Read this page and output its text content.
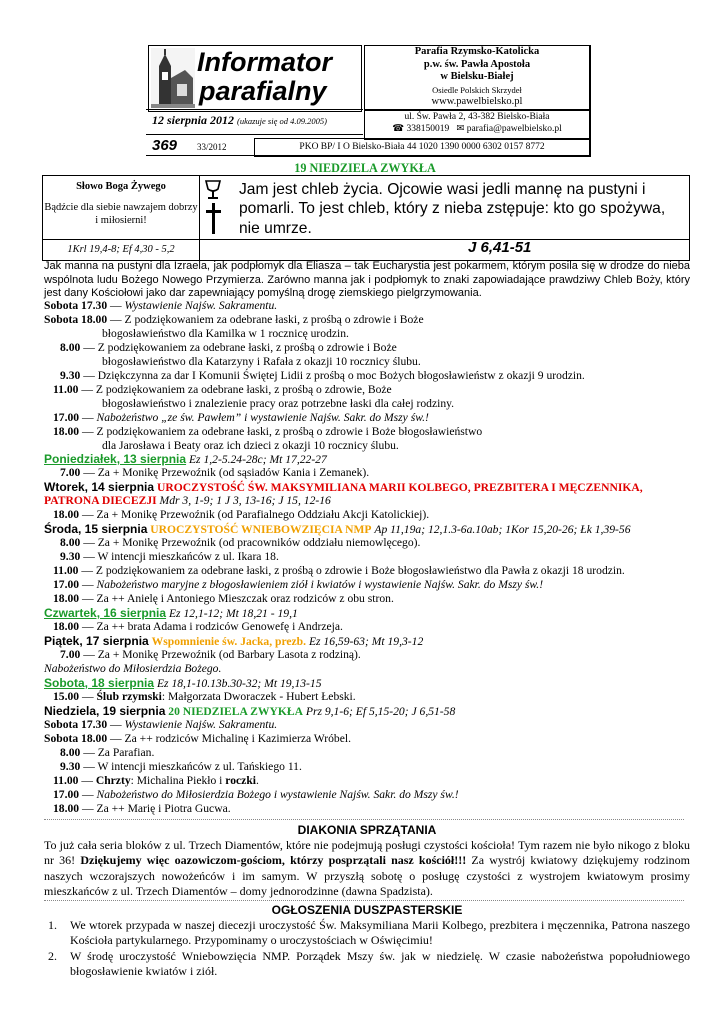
Informator
parafialny
12 sierpnia 2012 (ukazuje się od 4.09.2005)
369 33/2012
Parafia Rzymsko-Katolicka
p.w. św. Pawła Apostoła
w Bielsku-Białej
Osiedle Polskich Skrzydeł
www.pawelbielsko.pl
ul. Św. Pawła 2, 43-382 Bielsko-Biała
☎ 338150019 ✉ parafia@pawelbielsko.pl
PKO BP/ I O Bielsko-Biała 44 1020 1390 0000 6302 0157 8772
19 NIEDZIELA ZWYKŁA
Słowo Boga Żywego
Bądźcie dla siebie nawzajem dobrzy i miłosierni!
Jam jest chleb życia. Ojcowie wasi jedli mannę na pustyni i pomarli. To jest chleb, który z nieba zstępuje: kto go spożywa, nie umrze.
1Krl 19,4-8; Ef 4,30 - 5,2	J 6,41-51
Jak manna na pustyni dla Izraela, jak podpłomyk dla Eliasza – tak Eucharystia jest pokarmem, którym posila się w drodze do nieba wspólnota ludu Bożego Nowego Przymierza. Zarówno manna jak i podpłomyk to znaki zapowiadające prawdziwy Chleb Boży, który jest dany Kościołowi jako dar zapewniający pomyślną drogę ziemskiego pielgrzymowania.
Sobota 17.30 — Wystawienie Najśw. Sakramentu.
Sobota 18.00 — Z podziękowaniem za odebrane łaski, z prośbą o zdrowie i Boże
błogosławieństwo dla Kamilka w 1 rocznicę urodzin.
8.00 — Z podziękowaniem za odebrane łaski, z prośbą o zdrowie i Boże
błogosławieństwo dla Katarzyny i Rafała z okazji 10 rocznicy ślubu.
9.30 — Dziękczynna za dar I Komunii Świętej Lidii z prośbą o moc Bożych błogosławieństw z okazji 9 urodzin.
11.00 — Z podziękowaniem za odebrane łaski, z prośbą o zdrowie, Boże
błogosławieństwo i znalezienie pracy oraz potrzebne łaski dla całej rodziny.
17.00 — Nabożeństwo „ze św. Pawłem” i wystawienie Najśw. Sakr. do Mszy św.!
18.00 — Z podziękowaniem za odebrane łaski, z prośbą o zdrowie i Boże błogosławieństwo
dla Jarosława i Beaty oraz ich dzieci z okazji 10 rocznicy ślubu.
Poniedziałek, 13 sierpnia Ez 1,2-5.24-28c; Mt 17,22-27
7.00 — Za + Monikę Przewoźnik (od sąsiadów Kania i Zemanek).
Wtorek, 14 sierpnia UROCZYSTOŚĆ ŚW. MAKSYMILIANA MARII KOLBEGO, PREZBITERA I MĘCZENNIKA,
PATRONA DIECEZJI Mdr 3, 1-9; 1 J 3, 13-16; J 15, 12-16
18.00 — Za + Monikę Przewoźnik (od Parafialnego Oddziału Akcji Katolickiej).
Środa, 15 sierpnia UROCZYSTOŚĆ WNIEBOWZIĘCIA NMP Ap 11,19a; 12,1.3-6a.10ab; 1Kor 15,20-26; Łk 1,39-56
8.00 — Za + Monikę Przewoźnik (od pracowników oddziału niemowlęcego).
9.30 — W intencji mieszkańców z ul. Ikara 18.
11.00 — Z podziękowaniem za odebrane łaski, z prośbą o zdrowie i Boże błogosławieństwo dla Pawła z okazji 18 urodzin.
17.00 — Nabożeństwo maryjne z błogosławieniem ziół i kwiatów i wystawienie Najśw. Sakr. do Mszy św.!
18.00 — Za ++ Anielę i Antoniego Mieszczak oraz rodziców z obu stron.
Czwartek, 16 sierpnia Ez 12,1-12; Mt 18,21 - 19,1
18.00 — Za ++ brata Adama i rodziców Genowefę i Andrzeja.
Piątek, 17 sierpnia Wspomnienie św. Jacka, prezb. Ez 16,59-63; Mt 19,3-12
7.00 — Za + Monikę Przewoźnik (od Barbary Lasota z rodziną).
Nabożeństwo do Miłosierdzia Bożego.
Sobota, 18 sierpnia Ez 18,1-10.13b.30-32; Mt 19,13-15
15.00 — Ślub rzymski: Małgorzata Dworaczek - Hubert Łebski.
Niedziela, 19 sierpnia 20 NIEDZIELA ZWYKŁA Prz 9,1-6; Ef 5,15-20; J 6,51-58
Sobota 17.30 — Wystawienie Najśw. Sakramentu.
Sobota 18.00 — Za ++ rodziców Michalinę i Kazimierza Wróbel.
8.00 — Za Parafian.
9.30 — W intencji mieszkańców z ul. Tańskiego 11.
11.00 — Chrzty: Michalina Piekło i roczki.
17.00 — Nabożeństwo do Miłosierdzia Bożego i wystawienie Najśw. Sakr. do Mszy św.!
18.00 — Za ++ Marię i Piotra Gucwa.
DIAKONIA SPRZĄTANIA
To już cała seria bloków z ul. Trzech Diamentów, które nie podejmują posługi czystości kościoła! Tym razem nie było nikogo z bloku nr 36! Dziękujemy więc oazowiczom-gościom, którzy posprzątali nasz kościół!!! Za wystrój kwiatowy dziękujemy rodzinom naszych wczorajszych nowożeńców i im samym. W przyszłą sobotę o posługę czystości z wystrojem kwiatowym prosimy mieszkańców z ul. Trzech Diamentów – domy jednorodzinne (dawna Spadzista).
OGŁOSZENIA DUSZPASTERSKIE
1. We wtorek przypada w naszej diecezji uroczystość Św. Maksymiliana Marii Kolbego, prezbitera i męczennika, Patrona naszego Kościoła partykularnego. Przypominamy o uroczystościach w Oświęcimiu!
2. W środę uroczystość Wniebowzięcia NMP. Porządek Mszy św. jak w niedzielę. W czasie nabożeństwa popołudniowego błogosławienie kwiatów i ziół.
